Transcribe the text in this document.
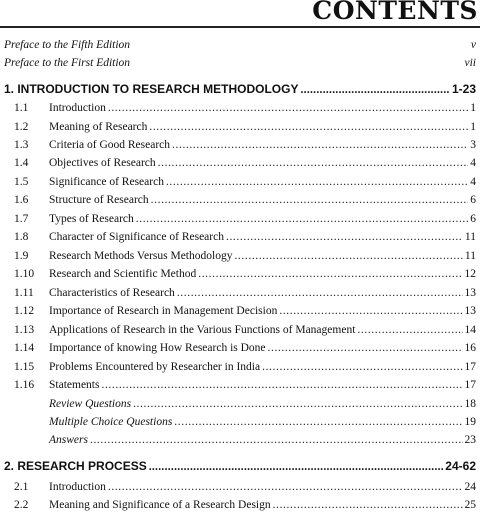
CONTENTS
Preface to the Fifth Edition	v
Preface to the First Edition	vii
1. INTRODUCTION TO RESEARCH METHODOLOGY .....	1-23
1.1	Introduction .....	1
1.2	Meaning of Research .....	1
1.3	Criteria of Good Research .....	3
1.4	Objectives of Research .....	4
1.5	Significance of Research .....	4
1.6	Structure of Research .....	6
1.7	Types of Research .....	6
1.8	Character of Significance of Research .....	11
1.9	Research Methods Versus Methodology .....	11
1.10	Research and Scientific Method .....	12
1.11	Characteristics of Research .....	13
1.12	Importance of Research in Management Decision .....	13
1.13	Applications of Research in the Various Functions of Management .....	14
1.14	Importance of knowing How Research is Done .....	16
1.15	Problems Encountered by Researcher in India .....	17
1.16	Statements .....	17
Review Questions .....	18
Multiple Choice Questions .....	19
Answers .....	23
2. RESEARCH PROCESS .....	24-62
2.1	Introduction .....	24
2.2	Meaning and Significance of a Research Design .....	25
